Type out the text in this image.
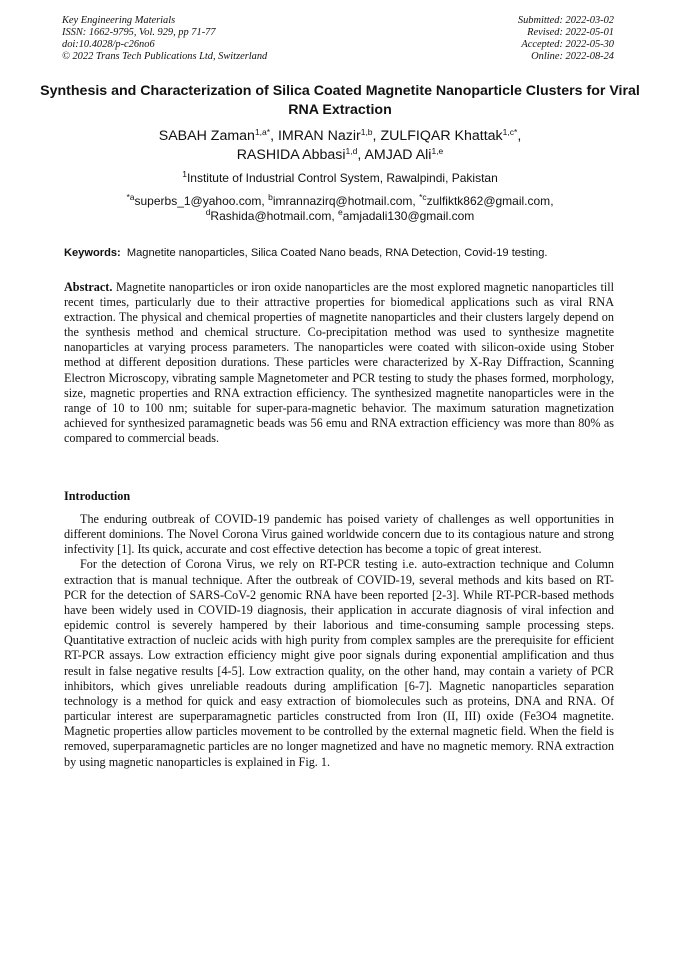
Key Engineering Materials
ISSN: 1662-9795, Vol. 929, pp 71-77
doi:10.4028/p-c26no6
© 2022 Trans Tech Publications Ltd, Switzerland
Submitted: 2022-03-02
Revised: 2022-05-01
Accepted: 2022-05-30
Online: 2022-08-24
Synthesis and Characterization of Silica Coated Magnetite Nanoparticle Clusters for Viral RNA Extraction
SABAH Zaman$^{1,a*}$, IMRAN Nazir$^{1,b}$, ZULFIQAR Khattak$^{1,c*}$,
RASHIDA Abbasi$^{1,d}$, AMJAD Ali$^{1,e}$
$^1$Institute of Industrial Control System, Rawalpindi, Pakistan
$^{*a}$superbs_1@yahoo.com, $^b$imrannazirq@hotmail.com, $^{*c}$zulfiktk862@gmail.com,
$^d$Rashida@hotmail.com, $^e$amjadali130@gmail.com
Keywords: Magnetite nanoparticles, Silica Coated Nano beads, RNA Detection, Covid-19 testing.
Abstract. Magnetite nanoparticles or iron oxide nanoparticles are the most explored magnetic nanoparticles till recent times, particularly due to their attractive properties for biomedical applications such as viral RNA extraction. The physical and chemical properties of magnetite nanoparticles and their clusters largely depend on the synthesis method and chemical structure. Co-precipitation method was used to synthesize magnetite nanoparticles at varying process parameters. The nanoparticles were coated with silicon-oxide using Stober method at different deposition durations. These particles were characterized by X-Ray Diffraction, Scanning Electron Microscopy, vibrating sample Magnetometer and PCR testing to study the phases formed, morphology, size, magnetic properties and RNA extraction efficiency. The synthesized magnetite nanoparticles were in the range of 10 to 100 nm; suitable for super-para-magnetic behavior. The maximum saturation magnetization achieved for synthesized paramagnetic beads was 56 emu and RNA extraction efficiency was more than 80% as compared to commercial beads.
Introduction

The enduring outbreak of COVID-19 pandemic has poised variety of challenges as well opportunities in different dominions. The Novel Corona Virus gained worldwide concern due to its contagious nature and strong infectivity [1]. Its quick, accurate and cost effective detection has become a topic of great interest.

For the detection of Corona Virus, we rely on RT-PCR testing i.e. auto-extraction technique and Column extraction that is manual technique. After the outbreak of COVID-19, several methods and kits based on RT-PCR for the detection of SARS-CoV-2 genomic RNA have been reported [2-3]. While RT-PCR-based methods have been widely used in COVID-19 diagnosis, their application in accurate diagnosis of viral infection and epidemic control is severely hampered by their laborious and time-consuming sample processing steps. Quantitative extraction of nucleic acids with high purity from complex samples are the prerequisite for efficient RT-PCR assays. Low extraction efficiency might give poor signals during exponential amplification and thus result in false negative results [4-5]. Low extraction quality, on the other hand, may contain a variety of PCR inhibitors, which gives unreliable readouts during amplification [6-7]. Magnetic nanoparticles separation technology is a method for quick and easy extraction of biomolecules such as proteins, DNA and RNA. Of particular interest are superparamagnetic particles constructed from Iron (II, III) oxide (Fe3O4 magnetite. Magnetic properties allow particles movement to be controlled by the external magnetic field. When the field is removed, superparamagnetic particles are no longer magnetized and have no magnetic memory. RNA extraction by using magnetic nanoparticles is explained in Fig. 1.
